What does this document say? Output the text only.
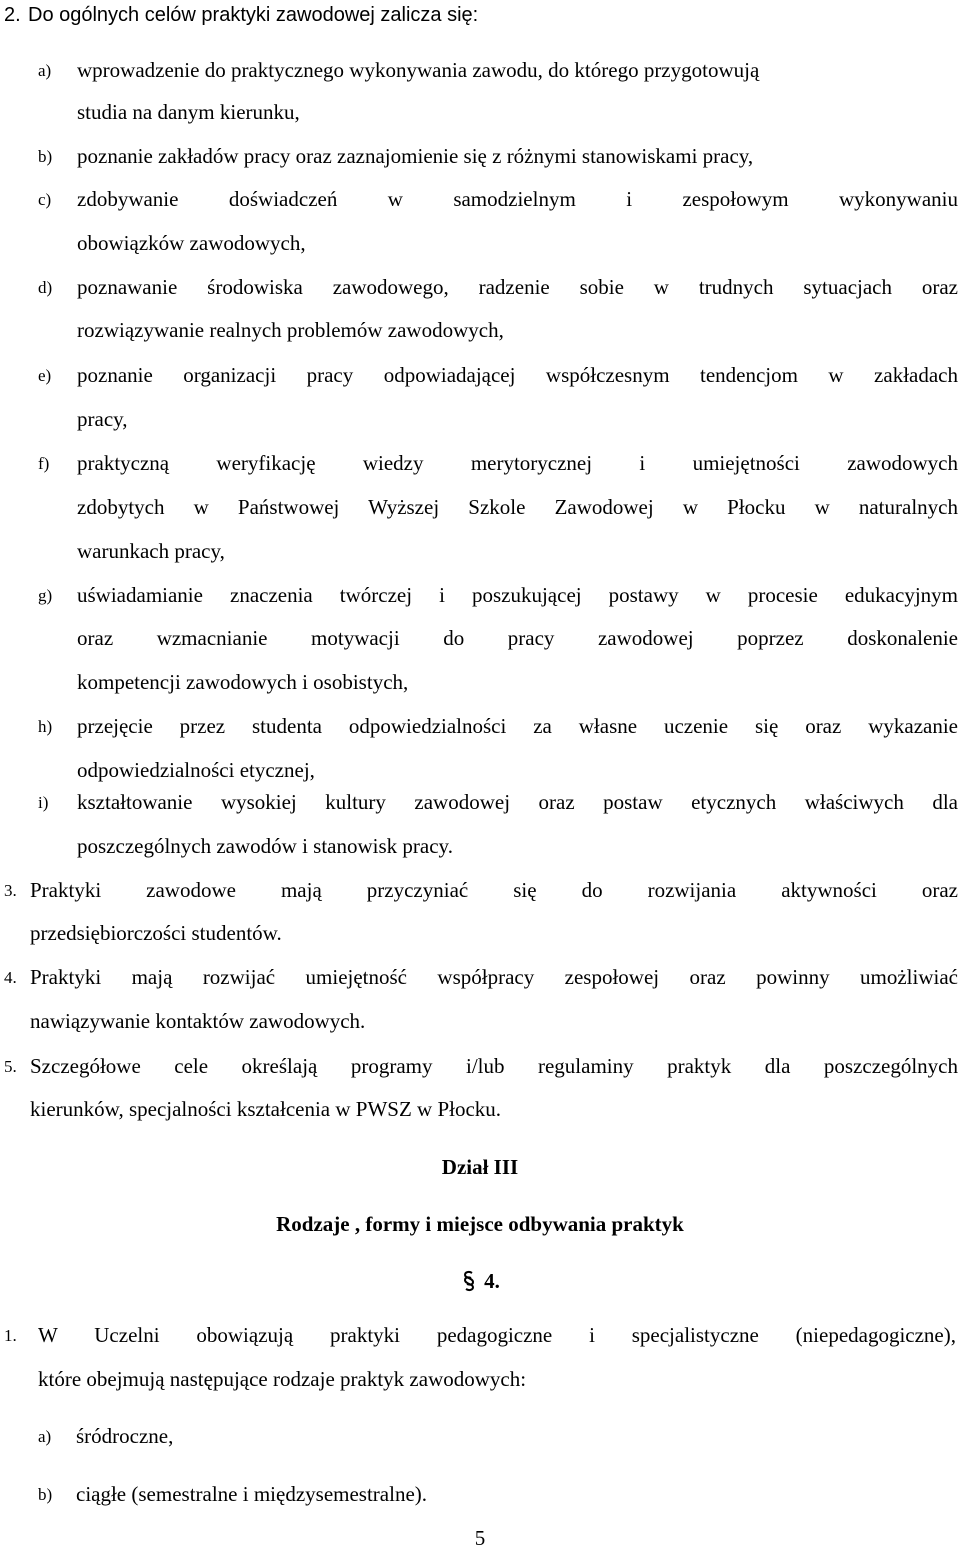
2. Do ogólnych celów praktyki zawodowej zalicza się:
a) wprowadzenie do praktycznego wykonywania zawodu, do którego przygotowują
studia na danym kierunku,
b) poznanie zakładów pracy oraz zaznajomienie się z różnymi stanowiskami pracy,
c) zdobywanie doświadczeń w samodzielnym i zespołowym wykonywaniu
obowiązków zawodowych,
d) poznawanie środowiska zawodowego, radzenie sobie w trudnych sytuacjach oraz
rozwiązywanie realnych problemów zawodowych,
e) poznanie organizacji pracy odpowiadającej współczesnym tendencjom w zakładach
pracy,
f) praktyczną weryfikację wiedzy merytorycznej i umiejętności zawodowych
zdobytych w Państwowej Wyższej Szkole Zawodowej w Płocku w naturalnych
warunkach pracy,
g) uświadamianie znaczenia twórczej i poszukującej postawy w procesie edukacyjnym
oraz wzmacnianie motywacji do pracy zawodowej poprzez doskonalenie
kompetencji zawodowych i osobistych,
h) przejęcie przez studenta odpowiedzialności za własne uczenie się oraz wykazanie
odpowiedzialności etycznej,
i) kształtowanie wysokiej kultury zawodowej oraz postaw etycznych właściwych dla
poszczególnych zawodów i stanowisk pracy.
3. Praktyki zawodowe mają przyczyniać się do rozwijania aktywności oraz
przedsiębiorczości studentów.
4. Praktyki mają rozwijać umiejętność współpracy zespołowej oraz powinny umożliwiać
nawiązywanie kontaktów zawodowych.
5. Szczegółowe cele określają programy i/lub regulaminy praktyk dla poszczególnych
kierunków, specjalności kształcenia w PWSZ w Płocku.
Dział III
Rodzaje , formy i miejsce odbywania praktyk
4.
1. W Uczelni obowiązują praktyki pedagogiczne i specjalistyczne (niepedagogiczne),
które obejmują następujące rodzaje praktyk zawodowych:
a) śródroczne,
b) ciągłe (semestralne i międzysemestralne).
5
